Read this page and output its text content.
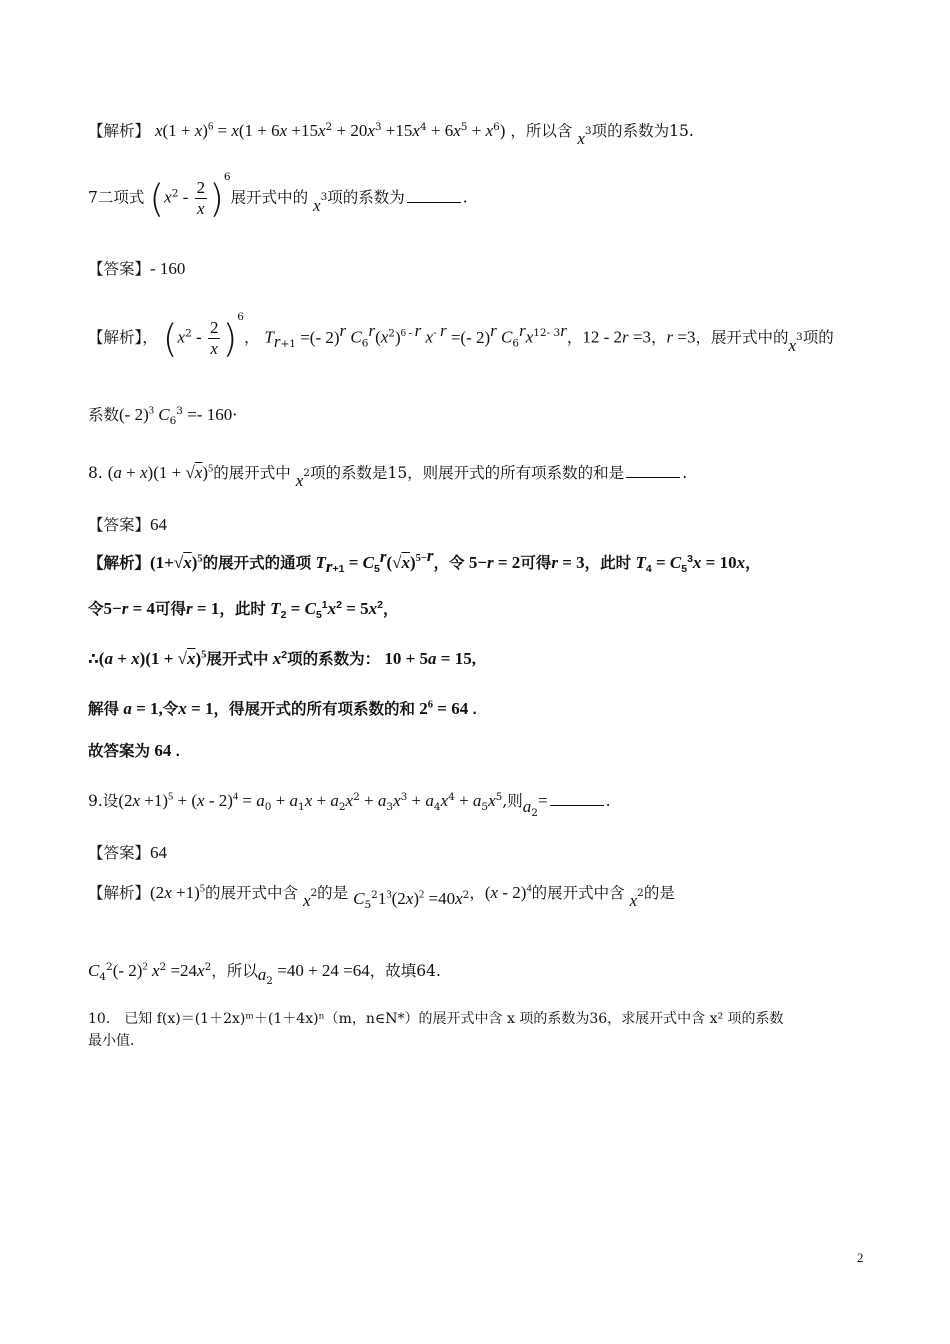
【解析】 $x(1 + x)^6 = x(1 + 6x +15x^2 + 20x^3 +15x^4 + 6x^5 + x^6)$ ，所以含 $x^3$项的系数为15.
7二项式 $(x^2 - \frac{2}{x} )^6$展开式中的 $x^3$项的系数为	.
【答案】- 160
【解析】， $(x^2 - \frac{2}{x} )^6$， $T_{r+1}$ =(- 2)$^r$ $C_6^r(x^2)^{6 - r}$ $x^{- r}$ =(- 2)$^r$ $C_6^rx^{12- 3r}$，12 - 2r =3，r =3，展开式中的$x^3$项的
系数(- 2)$^3$ $C_6^3 =- 160\cdot$
8. $(a + x)(1 + √x)^5$的展开式中 $x^2$项的系数是15，则展开式的所有项系数的和是	.
【答案】64
【解析】$(1+√x)^5$的展开式的通项 $T_{r+1} = C_5^r(√x)^{5-r}$，令 5−r = 2可得r = 3，此时 $T_4 = C_5^3x = 10x$，
令5−r = 4可得r = 1，此时 $T_2 = C_5^1x^2 = 5x^2$，
∴(a + $x)(1 + √x)^5$展开式中 $x^2$项的系数为： 10 + 5a = 15,
解得 a = 1,令x = 1，得展开式的所有项系数的和 $2^6 = 64$ .
故答案为 64 .
9.设$(2x +1)^5 + (x - 2)^4 = a_0 + a_1x + a_2x^2 + a_3x^3 + a_4x^4 + a_5x^5$,则$a_2=$	.
【答案】64
【解析】$(2x +1)^5$的展开式中含 $x^2$的是 $C_5^21^3(2x)^2 =40x^2$，(x - 2)$^4$的展开式中含 $x^2$的是
$C_4^2(-$ 2)$^2$ $x^2 =24x^2$，所以$a_2 =40 + 24 =64$，故填64.
10.　已知 f(x)＝(1＋2x)ᵐ＋(1＋4x)ⁿ（m，n∈N*）的展开式中含 x 项的系数为36，求展开式中含 x² 项的系数
最小值.
2
